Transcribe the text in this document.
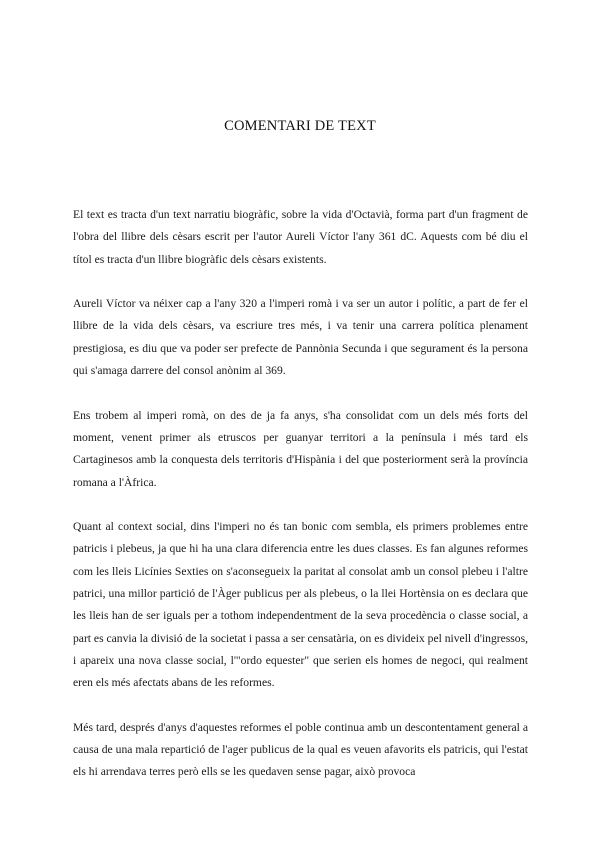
COMENTARI DE TEXT

El text es tracta d'un text narratiu biogràfic, sobre la vida d'Octavià, forma part d'un fragment de l'obra del llibre dels cèsars escrit per l'autor Aureli Víctor l'any 361 dC. Aquests com bé diu el títol es tracta d'un llibre biogràfic dels cèsars existents.

Aureli Víctor va néixer cap a l'any 320 a l'imperi romà i va ser un autor i polític, a part de fer el llibre de la vida dels cèsars, va escriure tres més, i va tenir una carrera política plenament prestigiosa, es diu que va poder ser prefecte de Pannònia Secunda i que segurament és la persona qui s'amaga darrere del consol anònim al 369.

Ens trobem al imperi romà, on des de ja fa anys, s'ha consolidat com un dels més forts del moment, venent primer als etruscos per guanyar territori a la península i més tard els Cartaginesos amb la conquesta dels territoris d'Hispània i del que posteriorment serà la província romana a l'Àfrica.

Quant al context social, dins l'imperi no és tan bonic com sembla, els primers problemes entre patricis i plebeus, ja que hi ha una clara diferencia entre les dues classes. Es fan algunes reformes com les lleis Licínies Sexties on s'aconsegueix la paritat al consolat amb un consol plebeu i l'altre patrici, una millor partició de l'Àger publicus per als plebeus, o la llei Hortènsia on es declara que les lleis han de ser iguals per a tothom independentment de la seva procedència o classe social, a part es canvia la divisió de la societat i passa a ser censatària, on es divideix pel nivell d'ingressos, i apareix una nova classe social, l'"ordo equester" que serien els homes de negoci, qui realment eren els més afectats abans de les reformes.

Més tard, després d'anys d'aquestes reformes el poble continua amb un descontentament general a causa de una mala repartició de l'ager publicus de la qual es veuen afavorits els patricis, qui l'estat els hi arrendava terres però ells se les quedaven sense pagar, això provoca
